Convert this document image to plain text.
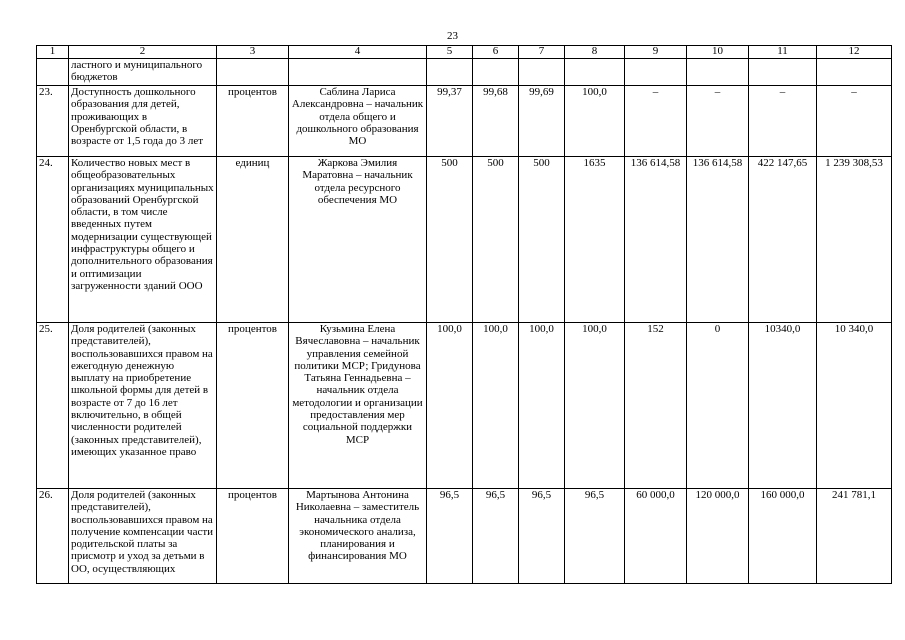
23
1	2	3	4	5	6	7	8	9	10	11	12
	ластного и муниципального бюджетов										
23.	Доступность дошкольного образования для детей, проживающих в Оренбургской области, в возрасте от 1,5 года до 3 лет	процентов	Саблина Лариса Александровна – начальник отдела общего и дошкольного образования МО	99,37	99,68	99,69	100,0	–	–	–	–
24.	Количество новых мест в общеобразовательных организациях муниципальных образований Оренбургской области, в том числе введенных путем модернизации существующей инфраструктуры общего и дополнительного образования и оптимизации загруженности зданий ООО	единиц	Жаркова Эмилия Маратовна – начальник отдела ресурсного обеспечения МО	500	500	500	1635	136 614,58	136 614,58	422 147,65	1 239 308,53
25.	Доля родителей (законных представителей), воспользовавшихся правом на ежегодную денежную выплату на приобретение школьной формы для детей в возрасте от 7 до 16 лет включительно, в общей численности родителей (законных представителей), имеющих указанное право	процентов	Кузьмина Елена Вячеславовна – начальник управления семейной политики МСР; Гридунова Татьяна Геннадьевна – начальник отдела методологии и организации предоставления мер социальной поддержки МСР	100,0	100,0	100,0	100,0	152	0	10340,0	10 340,0
26.	Доля родителей (законных представителей), воспользовавшихся правом на получение компенсации части родительской платы за присмотр и уход за детьми в ОО, осуществляющих	процентов	Мартынова Антонина Николаевна – заместитель начальника отдела экономического анализа, планирования и финансирования МО	96,5	96,5	96,5	96,5	60 000,0	120 000,0	160 000,0	241 781,1
